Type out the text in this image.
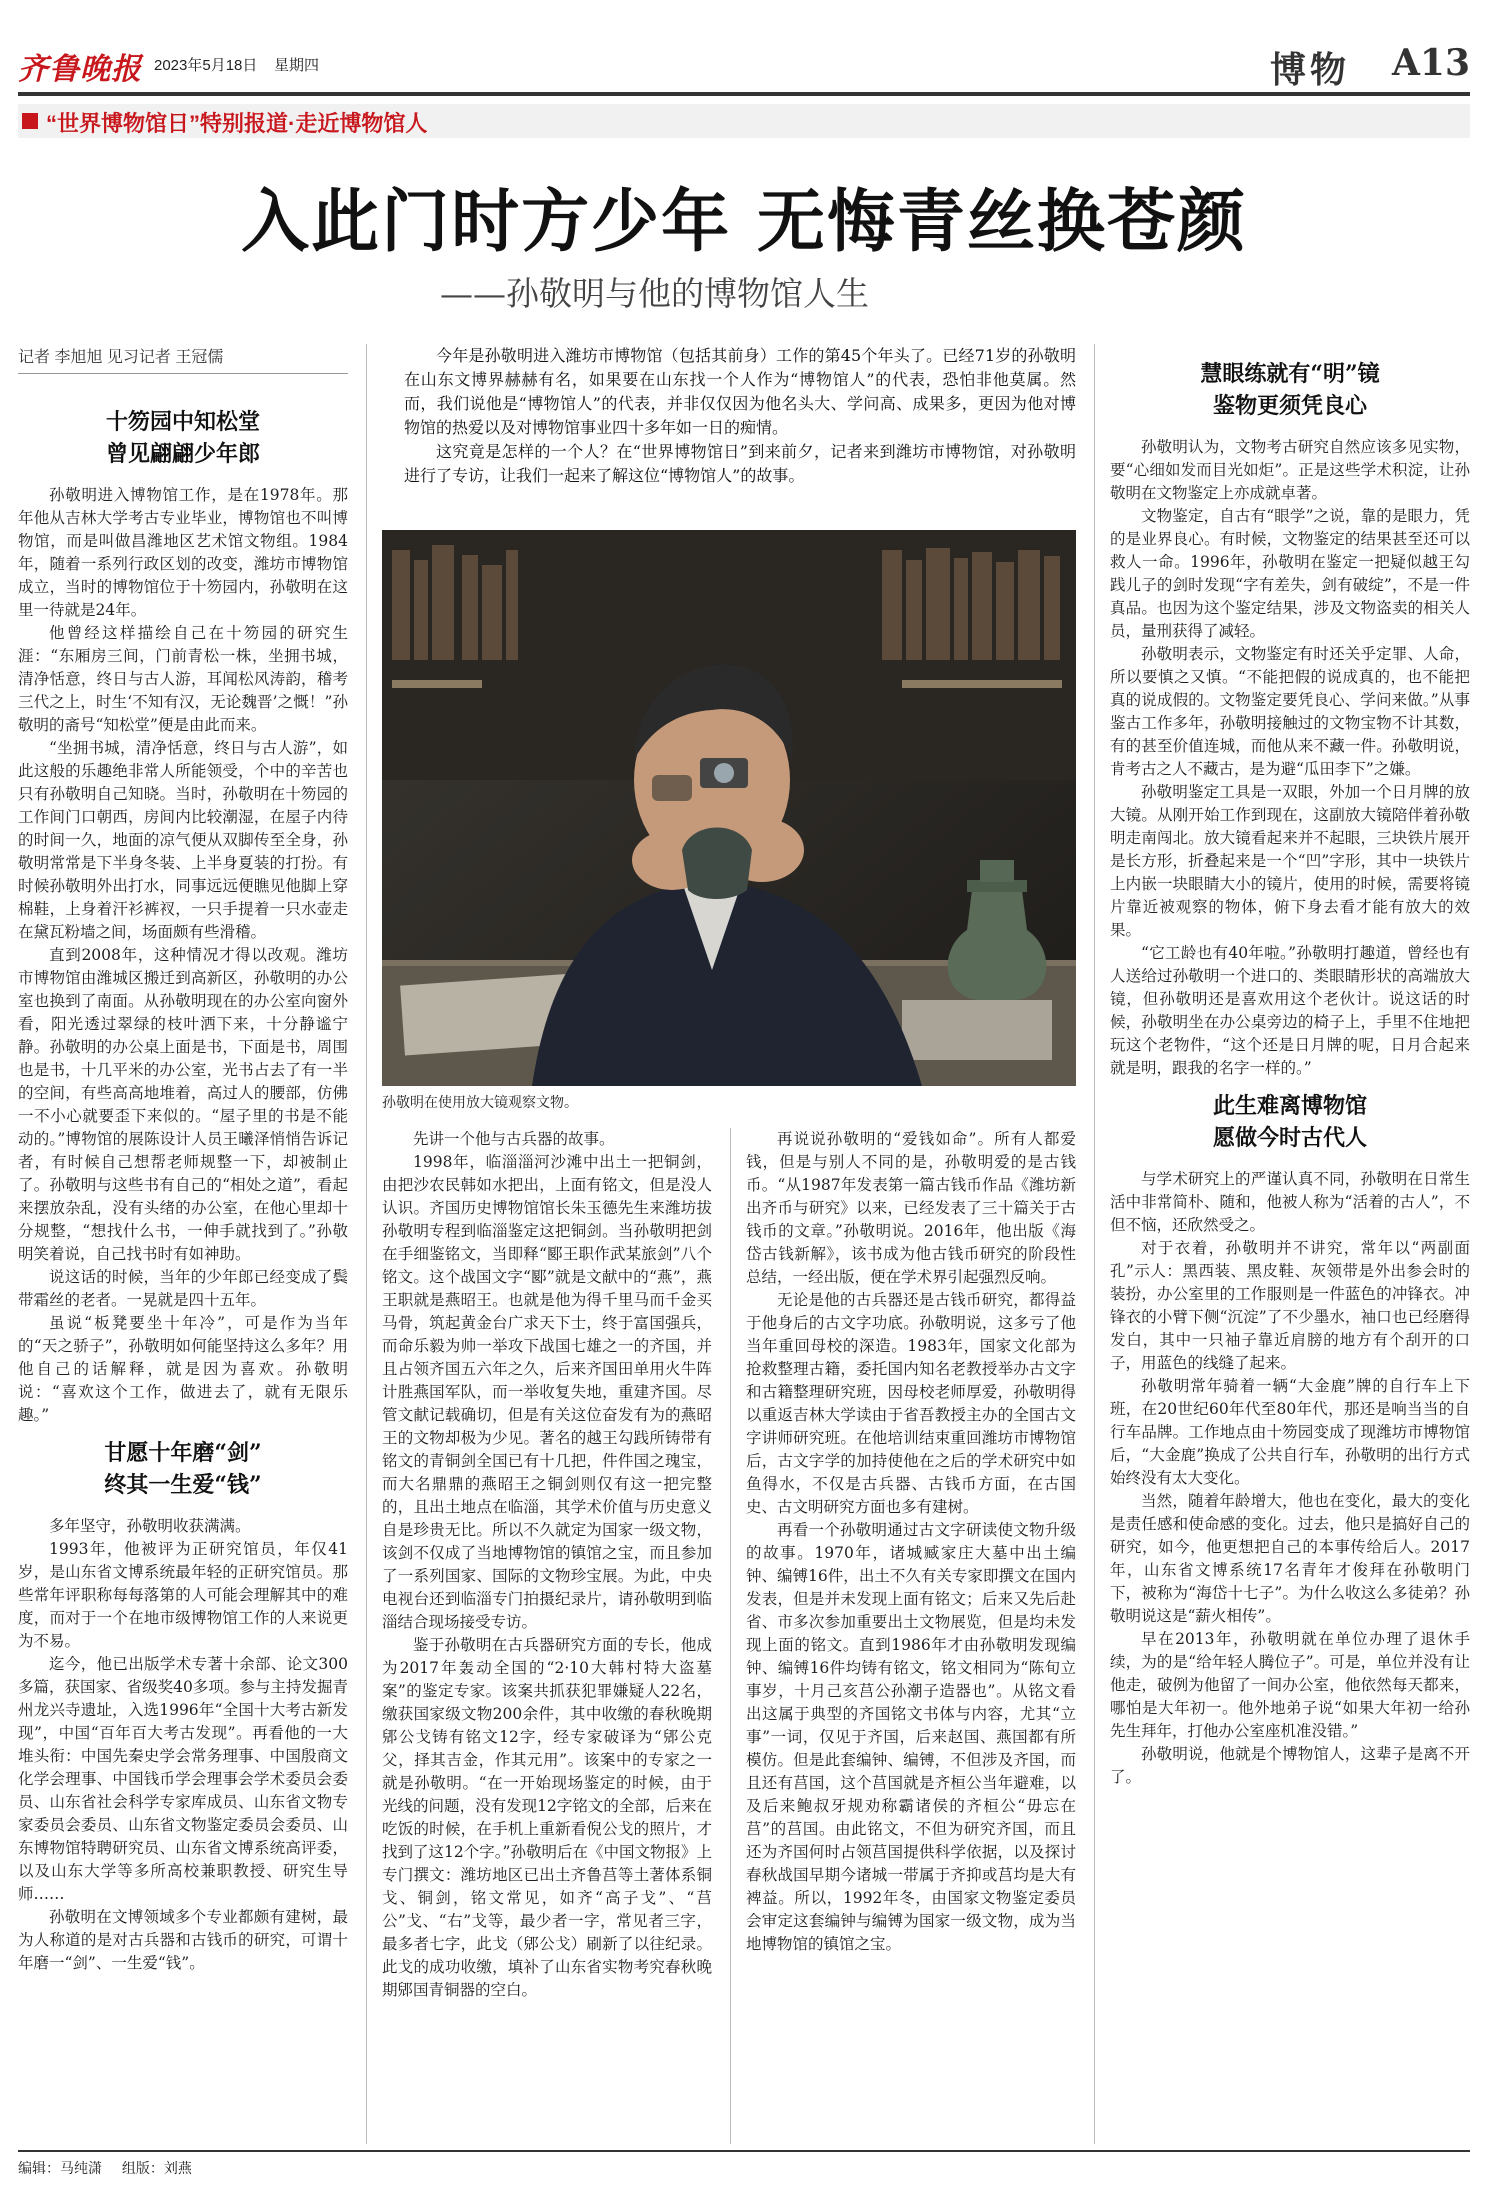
齐鲁晚报 2023年5月18日 星期四	博物 A13
“世界博物馆日”特别报道·走近博物馆人
入此门时方少年 无悔青丝换苍颜
——孙敬明与他的博物馆人生
记者 李旭旭 见习记者 王冠儒
十笏园中知松堂
曾见翩翩少年郎

孙敬明进入博物馆工作，是在1978年。那年他从吉林大学考古专业毕业，博物馆也不叫博物馆，而是叫做昌潍地区艺术馆文物组。1984年，随着一系列行政区划的改变，潍坊市博物馆成立，当时的博物馆位于十笏园内，孙敬明在这里一待就是24年。

他曾经这样描绘自己在十笏园的研究生涯：“东厢房三间，门前青松一株，坐拥书城，清净恬意，终日与古人游，耳闻松风涛韵，稽考三代之上，时生‘不知有汉，无论魏晋’之慨！”孙敬明的斋号“知松堂”便是由此而来。

“坐拥书城，清净恬意，终日与古人游”，如此这般的乐趣绝非常人所能领受，个中的辛苦也只有孙敬明自己知晓。当时，孙敬明在十笏园的工作间门口朝西，房间内比较潮湿，在屋子内待的时间一久，地面的凉气便从双脚传至全身，孙敬明常常是下半身冬装、上半身夏装的打扮。有时候孙敬明外出打水，同事远远便瞧见他脚上穿棉鞋，上身着汗衫裤衩，一只手提着一只水壶走在黛瓦粉墙之间，场面颇有些滑稽。

直到2008年，这种情况才得以改观。潍坊市博物馆由潍城区搬迁到高新区，孙敬明的办公室也换到了南面。从孙敬明现在的办公室向窗外看，阳光透过翠绿的枝叶洒下来，十分静谧宁静。孙敬明的办公桌上面是书，下面是书，周围也是书，十几平米的办公室，光书占去了有一半的空间，有些高高地堆着，高过人的腰部，仿佛一不小心就要歪下来似的。“屋子里的书是不能动的。”博物馆的展陈设计人员王曦泽悄悄告诉记者，有时候自己想帮老师规整一下，却被制止了。孙敬明与这些书有自己的“相处之道”，看起来摆放杂乱，没有头绪的办公室，在他心里却十分规整，“想找什么书，一伸手就找到了。”孙敬明笑着说，自己找书时有如神助。

说这话的时候，当年的少年郎已经变成了鬓带霜丝的老者。一晃就是四十五年。

虽说“板凳要坐十年冷”，可是作为当年的“天之骄子”，孙敬明如何能坚持这么多年？用他自己的话解释，就是因为喜欢。孙敬明说：“喜欢这个工作，做进去了，就有无限乐趣。”

甘愿十年磨“剑”
终其一生爱“钱”

多年坚守，孙敬明收获满满。

1993年，他被评为正研究馆员，年仅41岁，是山东省文博系统最年轻的正研究馆员。那些常年评职称每每落第的人可能会理解其中的难度，而对于一个在地市级博物馆工作的人来说更为不易。

迄今，他已出版学术专著十余部、论文300多篇，获国家、省级奖40多项。参与主持发掘青州龙兴寺遗址，入选1996年“全国十大考古新发现”，中国“百年百大考古发现”。再看他的一大堆头衔：中国先秦史学会常务理事、中国殷商文化学会理事、中国钱币学会理事会学术委员会委员、山东省社会科学专家库成员、山东省文物专家委员会委员、山东省文物鉴定委员会委员、山东博物馆特聘研究员、山东省文博系统高评委，以及山东大学等多所高校兼职教授、研究生导师……

孙敬明在文博领域多个专业都颇有建树，最为人称道的是对古兵器和古钱币的研究，可谓十年磨一“剑”、一生爱“钱”。

今年是孙敬明进入潍坊市博物馆（包括其前身）工作的第45个年头了。已经71岁的孙敬明在山东文博界赫赫有名，如果要在山东找一个人作为“博物馆人”的代表，恐怕非他莫属。然而，我们说他是“博物馆人”的代表，并非仅仅因为他名头大、学问高、成果多，更因为他对博物馆的热爱以及对博物馆事业四十多年如一日的痴情。

这究竟是怎样的一个人？在“世界博物馆日”到来前夕，记者来到潍坊市博物馆，对孙敬明进行了专访，让我们一起来了解这位“博物馆人”的故事。

孙敬明在使用放大镜观察文物。

先讲一个他与古兵器的故事。

1998年，临淄淄河沙滩中出土一把铜剑，由把沙农民韩如水把出，上面有铭文，但是没人认识。齐国历史博物馆馆长朱玉德先生来潍坊拔孙敬明专程到临淄鉴定这把铜剑。当孙敬明把剑在手细鉴铭文，当即释“郾王职作武某旅剑”八个铭文。这个战国文字“郾”就是文献中的“燕”，燕王职就是燕昭王。也就是他为得千里马而千金买马骨，筑起黄金台广求天下士，终于富国强兵，而命乐毅为帅一举攻下战国七雄之一的齐国，并且占领齐国五六年之久，后来齐国田单用火牛阵计胜燕国军队，而一举收复失地，重建齐国。尽管文献记载确切，但是有关这位奋发有为的燕昭王的文物却极为少见。著名的越王勾践所铸带有铭文的青铜剑全国已有十几把，件件国之瑰宝，而大名鼎鼎的燕昭王之铜剑则仅有这一把完整的，且出土地点在临淄，其学术价值与历史意义自是珍贵无比。所以不久就定为国家一级文物，该剑不仅成了当地博物馆的镇馆之宝，而且参加了一系列国家、国际的文物珍宝展。为此，中央电视台还到临淄专门拍摄纪录片，请孙敬明到临淄结合现场接受专访。

鉴于孙敬明在古兵器研究方面的专长，他成为2017年轰动全国的“2·10大韩村特大盗墓案”的鉴定专家。该案共抓获犯罪嫌疑人22名，缴获国家级文物200余件，其中收缴的春秋晚期郳公戈铸有铭文12字，经专家破译为“郳公克父，择其吉金，作其元用”。该案中的专家之一就是孙敬明。“在一开始现场鉴定的时候，由于光线的问题，没有发现12字铭文的全部，后来在吃饭的时候，在手机上重新看倪公戈的照片，才找到了这12个字。”孙敬明后在《中国文物报》上专门撰文：潍坊地区已出土齐鲁莒等土著体系铜戈、铜剑，铭文常见，如齐“高子戈”、“莒公”戈、“右”戈等，最少者一字，常见者三字，最多者七字，此戈（郳公戈）刷新了以往纪录。此戈的成功收缴，填补了山东省实物考究春秋晚期郳国青铜器的空白。

再说说孙敬明的“爱钱如命”。所有人都爱钱，但是与别人不同的是，孙敬明爱的是古钱币。“从1987年发表第一篇古钱币作品《潍坊新出齐币与研究》以来，已经发表了三十篇关于古钱币的文章。”孙敬明说。2016年，他出版《海岱古钱新解》，该书成为他古钱币研究的阶段性总结，一经出版，便在学术界引起强烈反响。

无论是他的古兵器还是古钱币研究，都得益于他身后的古文字功底。孙敬明说，这多亏了他当年重回母校的深造。1983年，国家文化部为抢救整理古籍，委托国内知名老教授举办古文字和古籍整理研究班，因母校老师厚爱，孙敬明得以重返吉林大学读由于省吾教授主办的全国古文字讲师研究班。在他培训结束重回潍坊市博物馆后，古文字学的加持使他在之后的学术研究中如鱼得水，不仅是古兵器、古钱币方面，在古国史、古文明研究方面也多有建树。

再看一个孙敬明通过古文字研读使文物升级的故事。1970年，诸城臧家庄大墓中出土编钟、编镈16件，出土不久有关专家即撰文在国内发表，但是并未发现上面有铭文；后来又先后赴省、市多次参加重要出土文物展览，但是均未发现上面的铭文。直到1986年才由孙敬明发现编钟、编镈16件均铸有铭文，铭文相同为“陈旬立事岁，十月己亥莒公孙潮子造器也”。从铭文看出这属于典型的齐国铭文书体与内容，尤其“立事”一词，仅见于齐国，后来赵国、燕国都有所模仿。但是此套编钟、编镈，不但涉及齐国，而且还有莒国，这个莒国就是齐桓公当年避难，以及后来鲍叔牙规劝称霸诸侯的齐桓公“毋忘在莒”的莒国。由此铭文，不但为研究齐国，而且还为齐国何时占领莒国提供科学依据，以及探讨春秋战国早期今诸城一带属于齐抑或莒均是大有裨益。所以，1992年冬，由国家文物鉴定委员会审定这套编钟与编镈为国家一级文物，成为当地博物馆的镇馆之宝。

慧眼练就有“明”镜
鉴物更须凭良心

孙敬明认为，文物考古研究自然应该多见实物，要“心细如发而目光如炬”。正是这些学术积淀，让孙敬明在文物鉴定上亦成就卓著。

文物鉴定，自古有“眼学”之说，靠的是眼力，凭的是业界良心。有时候，文物鉴定的结果甚至还可以救人一命。1996年，孙敬明在鉴定一把疑似越王勾践儿子的剑时发现“字有差失，剑有破绽”，不是一件真品。也因为这个鉴定结果，涉及文物盗卖的相关人员，量刑获得了减轻。

孙敬明表示，文物鉴定有时还关乎定罪、人命，所以要慎之又慎。“不能把假的说成真的，也不能把真的说成假的。文物鉴定要凭良心、学问来做。”从事鉴古工作多年，孙敬明接触过的文物宝物不计其数，有的甚至价值连城，而他从来不藏一件。孙敬明说，肯考古之人不藏古，是为避“瓜田李下”之嫌。

孙敬明鉴定工具是一双眼，外加一个日月牌的放大镜。从刚开始工作到现在，这副放大镜陪伴着孙敬明走南闯北。放大镜看起来并不起眼，三块铁片展开是长方形，折叠起来是一个“凹”字形，其中一块铁片上内嵌一块眼睛大小的镜片，使用的时候，需要将镜片靠近被观察的物体，俯下身去看才能有放大的效果。

“它工龄也有40年啦。”孙敬明打趣道，曾经也有人送给过孙敬明一个进口的、类眼睛形状的高端放大镜，但孙敬明还是喜欢用这个老伙计。说这话的时候，孙敬明坐在办公桌旁边的椅子上，手里不住地把玩这个老物件，“这个还是日月牌的呢，日月合起来就是明，跟我的名字一样的。”

此生难离博物馆
愿做今时古代人

与学术研究上的严谨认真不同，孙敬明在日常生活中非常简朴、随和，他被人称为“活着的古人”，不但不恼，还欣然受之。

对于衣着，孙敬明并不讲究，常年以“两副面孔”示人：黑西装、黑皮鞋、灰领带是外出参会时的装扮，办公室里的工作服则是一件蓝色的冲锋衣。冲锋衣的小臂下侧“沉淀”了不少墨水，袖口也已经磨得发白，其中一只袖子靠近肩膀的地方有个刮开的口子，用蓝色的线缝了起来。

孙敬明常年骑着一辆“大金鹿”牌的自行车上下班，在20世纪60年代至80年代，那还是响当当的自行车品牌。工作地点由十笏园变成了现潍坊市博物馆后，“大金鹿”换成了公共自行车，孙敬明的出行方式始终没有太大变化。

当然，随着年龄增大，他也在变化，最大的变化是责任感和使命感的变化。过去，他只是搞好自己的研究，如今，他更想把自己的本事传给后人。2017年，山东省文博系统17名青年才俊拜在孙敬明门下，被称为“海岱十七子”。为什么收这么多徒弟？孙敬明说这是“薪火相传”。

早在2013年，孙敬明就在单位办理了退休手续，为的是“给年轻人腾位子”。可是，单位并没有让他走，破例为他留了一间办公室，他依然每天都来，哪怕是大年初一。他外地弟子说“如果大年初一给孙先生拜年，打他办公室座机准没错。”

孙敬明说，他就是个博物馆人，这辈子是离不开了。

编辑：马纯潇 组版：刘燕
